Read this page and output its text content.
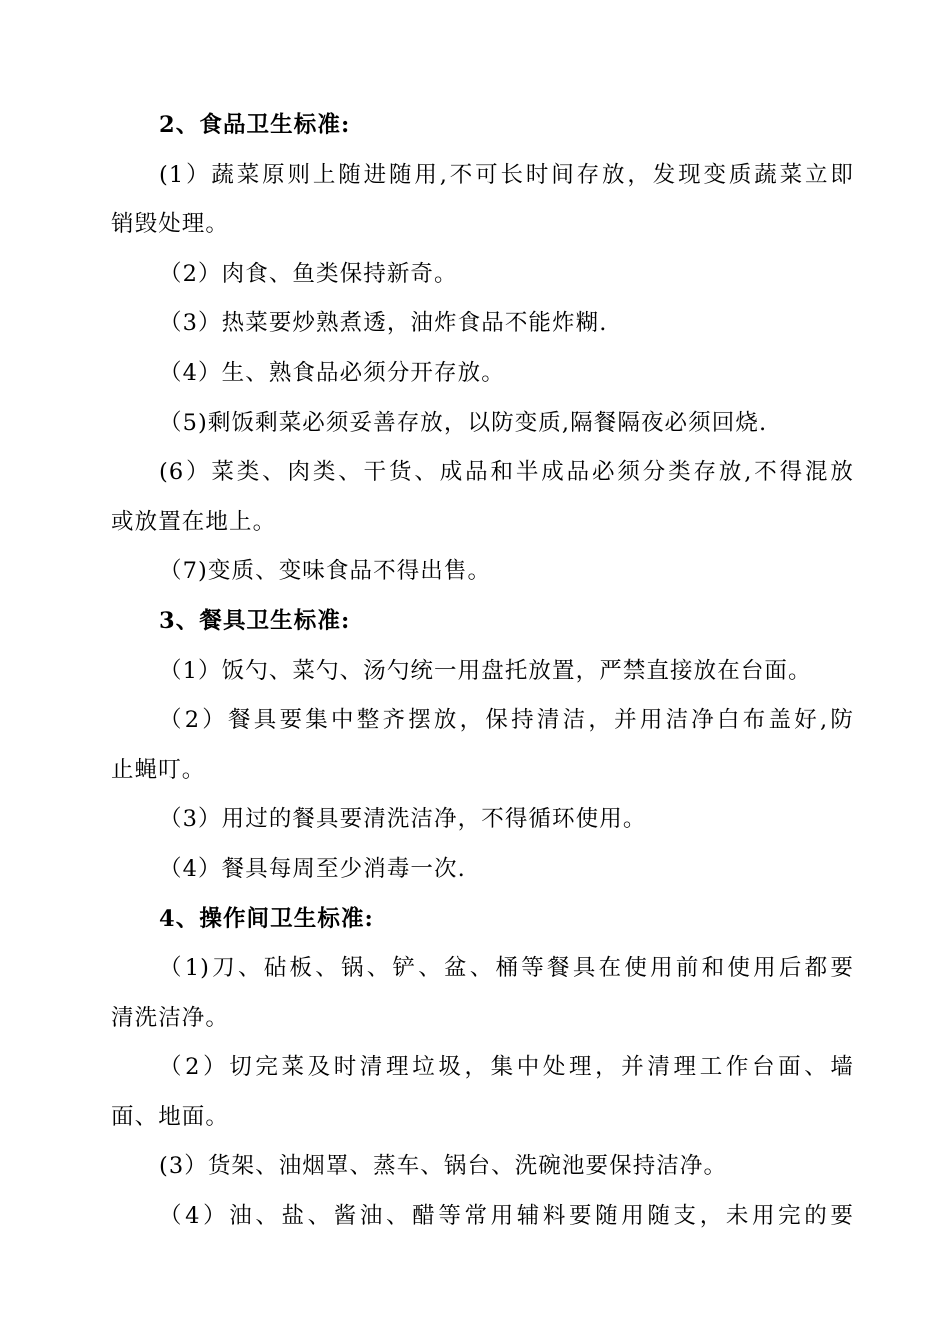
2、食品卫生标准:
(1）蔬菜原则上随进随用,不可长时间存放，发现变质蔬菜立即
销毁处理。
（2）肉食、鱼类保持新奇。
（3）热菜要炒熟煮透，油炸食品不能炸糊.
（4）生、熟食品必须分开存放。
（5)剩饭剩菜必须妥善存放，以防变质,隔餐隔夜必须回烧.
(6）菜类、肉类、干货、成品和半成品必须分类存放,不得混放
或放置在地上。
（7)变质、变味食品不得出售。
3、餐具卫生标准:
（1）饭勺、菜勺、汤勺统一用盘托放置，严禁直接放在台面。
（2）餐具要集中整齐摆放，保持清洁，并用洁净白布盖好,防
止蝇叮。
（3）用过的餐具要清洗洁净，不得循环使用。
（4）餐具每周至少消毒一次.
4、操作间卫生标准:
（1)刀、砧板、锅、铲、盆、桶等餐具在使用前和使用后都要
清洗洁净。
（2）切完菜及时清理垃圾，集中处理，并清理工作台面、墙
面、地面。
(3）货架、油烟罩、蒸车、锅台、洗碗池要保持洁净。
（4）油、盐、酱油、醋等常用辅料要随用随支，未用完的要
